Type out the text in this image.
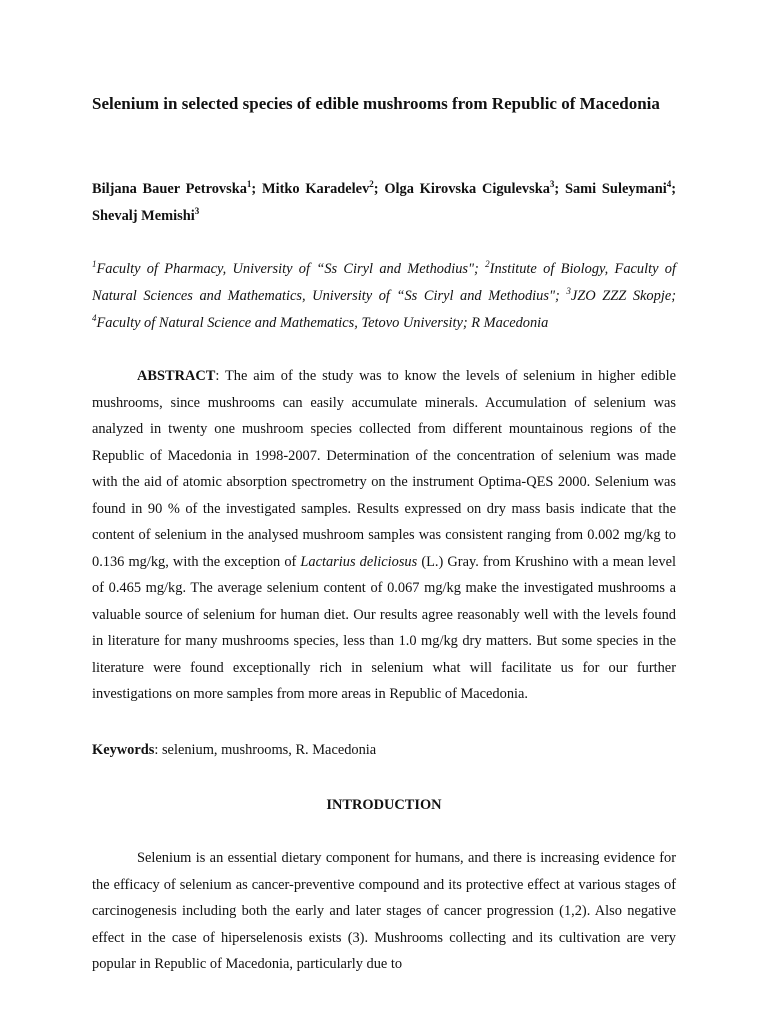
Selenium in selected species of edible mushrooms from Republic of Macedonia

Biljana Bauer Petrovska$^1$; Mitko Karadelev$^2$; Olga Kirovska Cigulevska$^3$; Sami Suleymani$^4$; Shevalj Memishi$^3$

$^1$Faculty of Pharmacy, University of “Ss Ciryl and Methodius"; $^2$Institute of Biology, Faculty of Natural Sciences and Mathematics, University of “Ss Ciryl and Methodius"; $^3$JZO ZZZ Skopje; $^4$Faculty of Natural Science and Mathematics, Tetovo University; R Macedonia

ABSTRACT: The aim of the study was to know the levels of selenium in higher edible mushrooms, since mushrooms can easily accumulate minerals. Accumulation of selenium was analyzed in twenty one mushroom species collected from different mountainous regions of the Republic of Macedonia in 1998-2007. Determination of the concentration of selenium was made with the aid of atomic absorption spectrometry on the instrument Optima-QES 2000. Selenium was found in 90 % of the investigated samples. Results expressed on dry mass basis indicate that the content of selenium in the analysed mushroom samples was consistent ranging from 0.002 mg/kg to 0.136 mg/kg, with the exception of Lactarius deliciosus (L.) Gray. from Krushino with a mean level of 0.465 mg/kg. The average selenium content of 0.067 mg/kg make the investigated mushrooms a valuable source of selenium for human diet. Our results agree reasonably well with the levels found in literature for many mushrooms species, less than 1.0 mg/kg dry matters. But some species in the literature were found exceptionally rich in selenium what will facilitate us for our further investigations on more samples from more areas in Republic of Macedonia.

Keywords: selenium, mushrooms, R. Macedonia

INTRODUCTION

Selenium is an essential dietary component for humans, and there is increasing evidence for the efficacy of selenium as cancer-preventive compound and its protective effect at various stages of carcinogenesis including both the early and later stages of cancer progression (1,2). Also negative effect in the case of hiperselenosis exists (3). Mushrooms collecting and its cultivation are very popular in Republic of Macedonia, particularly due to
